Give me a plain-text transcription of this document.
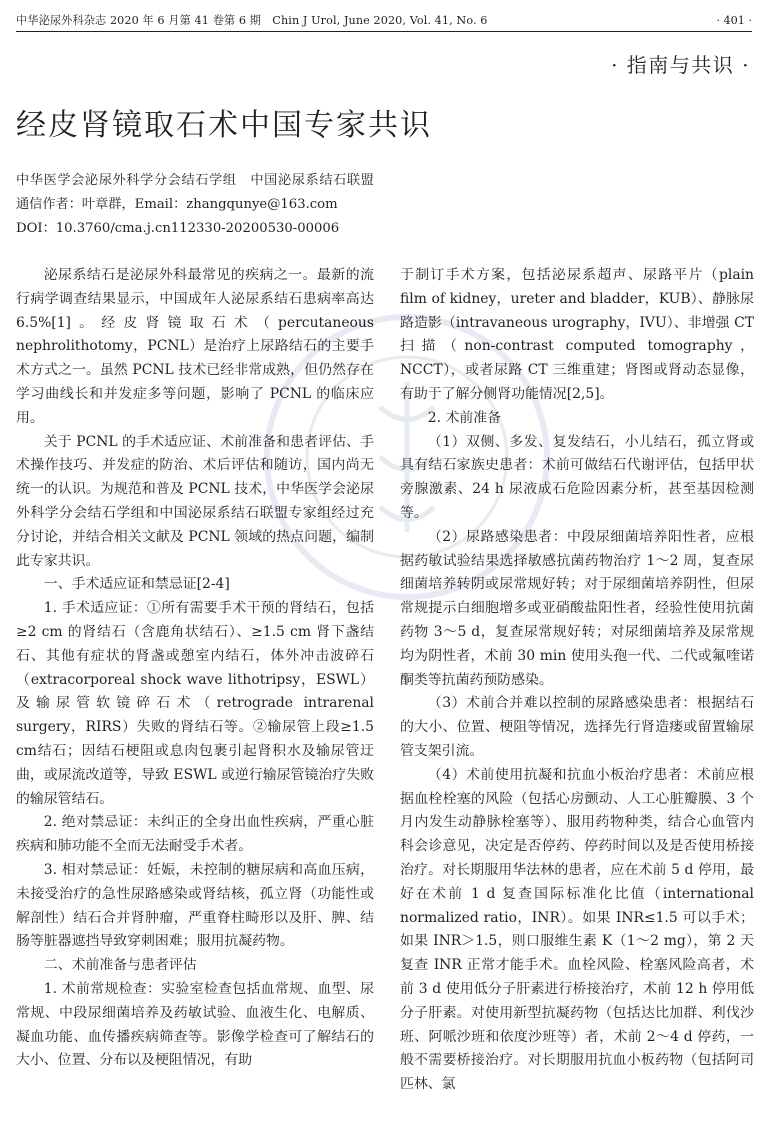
中华泌尿外科杂志 2020 年 6 月第 41 卷第 6 期　Chin J Urol, June 2020, Vol. 41, No. 6	· 401 ·
· 指南与共识 ·
经皮肾镜取石术中国专家共识
中华医学会泌尿外科学分会结石学组　中国泌尿系结石联盟
通信作者：叶章群，Email：zhangqunye@163.com
DOI：10.3760/cma.j.cn112330-20200530-00006

泌尿系结石是泌尿外科最常见的疾病之一。最新的流行病学调查结果显示，中国成年人泌尿系结石患病率高达 6.5%[1]。经皮肾镜取石术（percutaneous nephrolithotomy，PCNL）是治疗上尿路结石的主要手术方式之一。虽然 PCNL 技术已经非常成熟，但仍然存在学习曲线长和并发症多等问题，影响了 PCNL 的临床应用。

关于 PCNL 的手术适应证、术前准备和患者评估、手术操作技巧、并发症的防治、术后评估和随访，国内尚无统一的认识。为规范和普及 PCNL 技术，中华医学会泌尿外科学分会结石学组和中国泌尿系结石联盟专家组经过充分讨论，并结合相关文献及 PCNL 领域的热点问题，编制此专家共识。

一、手术适应证和禁忌证[2-4]

1. 手术适应证：①所有需要手术干预的肾结石，包括≥2 cm 的肾结石（含鹿角状结石）、≥1.5 cm 肾下盏结石、其他有症状的肾盏或憩室内结石，体外冲击波碎石（extracorporeal shock wave lithotripsy，ESWL）及输尿管软镜碎石术（retrograde intrarenal surgery，RIRS）失败的肾结石等。②输尿管上段≥1.5 cm结石；因结石梗阻或息肉包裹引起肾积水及输尿管迂曲，或尿流改道等，导致 ESWL 或逆行输尿管镜治疗失败的输尿管结石。

2. 绝对禁忌证：未纠正的全身出血性疾病，严重心脏疾病和肺功能不全而无法耐受手术者。

3. 相对禁忌证：妊娠，未控制的糖尿病和高血压病，未接受治疗的急性尿路感染或肾结核，孤立肾（功能性或解剖性）结石合并肾肿瘤，严重脊柱畸形以及肝、脾、结肠等脏器遮挡导致穿刺困难；服用抗凝药物。

二、术前准备与患者评估

1. 术前常规检查：实验室检查包括血常规、血型、尿常规、中段尿细菌培养及药敏试验、血液生化、电解质、凝血功能、血传播疾病筛查等。影像学检查可了解结石的大小、位置、分布以及梗阻情况，有助

于制订手术方案，包括泌尿系超声、尿路平片（plain film of kidney，ureter and bladder，KUB）、静脉尿路造影（intravaneous urography，IVU）、非增强 CT 扫描（non-contrast computed tomography，NCCT），或者尿路 CT 三维重建；肾图或肾动态显像，有助于了解分侧肾功能情况[2,5]。

2. 术前准备

（1）双侧、多发、复发结石，小儿结石，孤立肾或具有结石家族史患者：术前可做结石代谢评估，包括甲状旁腺激素、24 h 尿液成石危险因素分析，甚至基因检测等。

（2）尿路感染患者：中段尿细菌培养阳性者，应根据药敏试验结果选择敏感抗菌药物治疗 1～2 周，复查尿细菌培养转阴或尿常规好转；对于尿细菌培养阴性，但尿常规提示白细胞增多或亚硝酸盐阳性者，经验性使用抗菌药物 3～5 d，复查尿常规好转；对尿细菌培养及尿常规均为阴性者，术前 30 min 使用头孢一代、二代或氟喹诺酮类等抗菌药预防感染。

（3）术前合并难以控制的尿路感染患者：根据结石的大小、位置、梗阻等情况，选择先行肾造瘘或留置输尿管支架引流。

（4）术前使用抗凝和抗血小板治疗患者：术前应根据血栓栓塞的风险（包括心房颤动、人工心脏瓣膜、3 个月内发生动静脉栓塞等）、服用药物种类，结合心血管内科会诊意见，决定是否停药、停药时间以及是否使用桥接治疗。对长期服用华法林的患者，应在术前 5 d 停用，最好在术前 1 d 复查国际标准化比值（international normalized ratio，INR）。如果 INR≤1.5 可以手术；如果 INR＞1.5，则口服维生素 K（1～2 mg），第 2 天复查 INR 正常才能手术。血栓风险、栓塞风险高者，术前 3 d 使用低分子肝素进行桥接治疗，术前 12 h 停用低分子肝素。对使用新型抗凝药物（包括达比加群、利伐沙班、阿哌沙班和依度沙班等）者，术前 2～4 d 停药，一般不需要桥接治疗。对长期服用抗血小板药物（包括阿司匹林、氯
